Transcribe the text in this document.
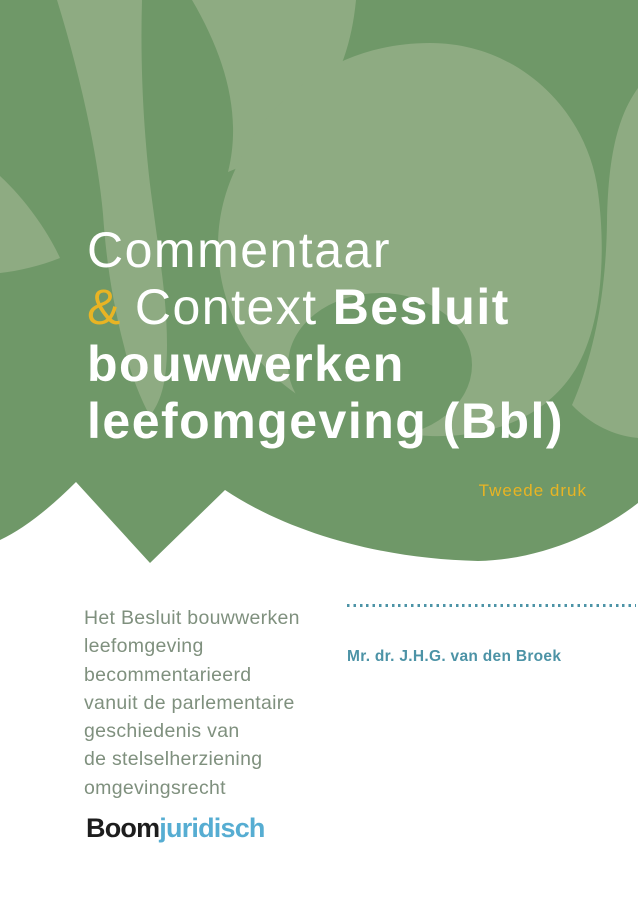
Commentaar
& Context Besluit
bouwwerken
leefomgeving (Bbl)
Tweede druk
Het Besluit bouwwerken
leefomgeving
becommentarieerd
vanuit de parlementaire
geschiedenis van
de stelselherziening
omgevingsrecht
Mr. dr. J.H.G. van den Broek
Boomjuridisch
